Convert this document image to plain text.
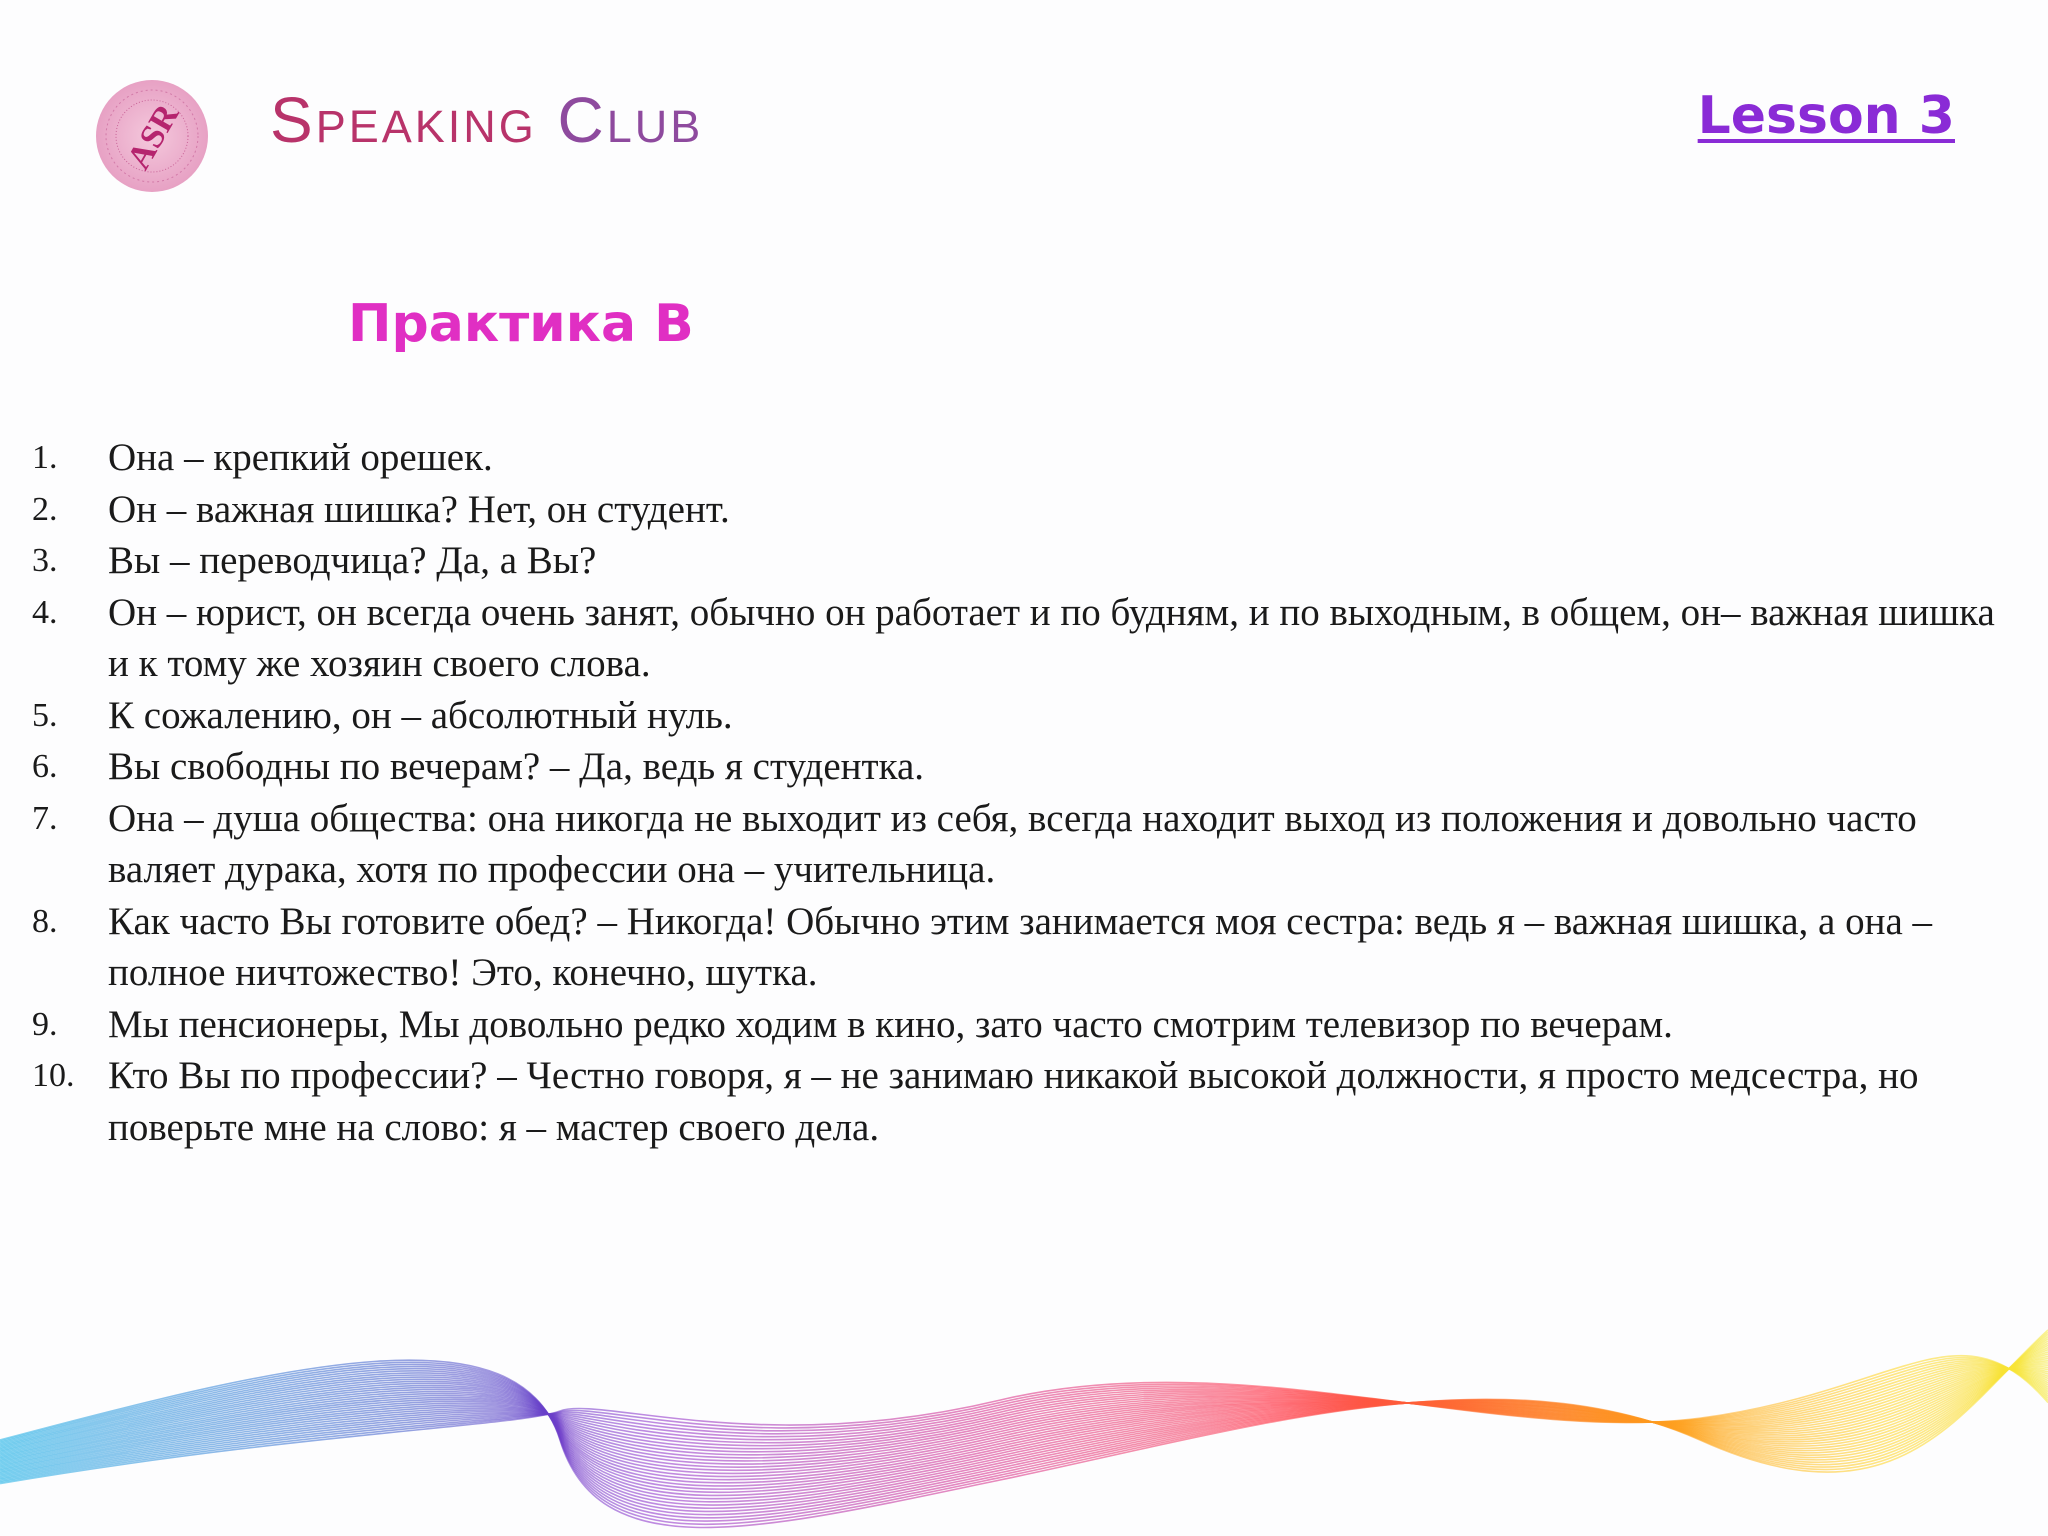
ASR Speaking Club	Lesson 3
Практика B
1.	Она – крепкий орешек.
2.	Он – важная шишка? Нет, он студент.
3.	Вы – переводчица? Да, а Вы?
4.	Он – юрист, он всегда очень занят, обычно он работает и по будням, и по выходным, в общем, он– важная шишка и к тому же хозяин своего слова.
5.	К сожалению, он – абсолютный нуль.
6.	Вы свободны по вечерам? – Да, ведь я студентка.
7.	Она – душа общества: она никогда не выходит из себя, всегда находит выход из положения и довольно часто валяет дурака, хотя по профессии она – учительница.
8.	Как часто Вы готовите обед? – Никогда! Обычно этим занимается моя сестра: ведь я – важная шишка, а она – полное ничтожество! Это, конечно, шутка.
9.	Мы пенсионеры, Мы довольно редко ходим в кино, зато часто смотрим телевизор по вечерам.
10. Кто Вы по профессии? – Честно говоря, я – не занимаю никакой высокой должности, я просто медсестра, но поверьте мне на слово: я – мастер своего дела.
